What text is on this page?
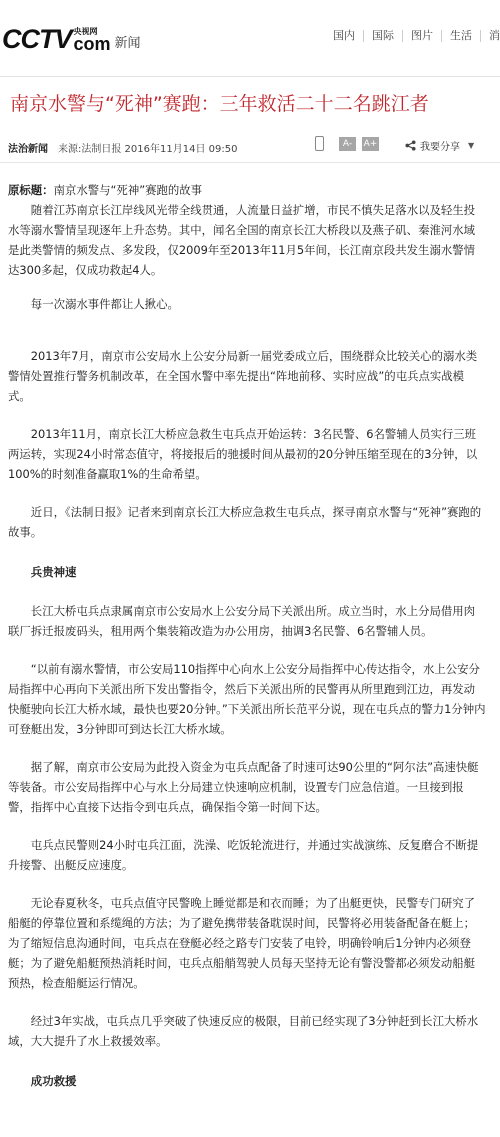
CCTV 央视网
com 新闻
国内	国际	图片	生活	消
南京水警与“死神”赛跑：三年救活二十二名跳江者
法治新闻 来源:法制日报 2016年11月14日 09:50	A-	A+	我要分享 ▼

原标题：南京水警与“死神”赛跑的故事

随着江苏南京长江岸线风光带全线贯通，人流量日益扩增，市民不慎失足落水以及轻生投水等溺水警情呈现逐年上升态势。其中，闻名全国的南京长江大桥段以及燕子矶、秦淮河水域是此类警情的频发点、多发段，仅2009年至2013年11月5年间，长江南京段共发生溺水警情达300多起，仅成功救起4人。

每一次溺水事件都让人揪心。

2013年7月，南京市公安局水上公安分局新一届党委成立后，围绕群众比较关心的溺水类警情处置推行警务机制改革，在全国水警中率先提出“阵地前移、实时应战”的屯兵点实战模式。

2013年11月，南京长江大桥应急救生屯兵点开始运转：3名民警、6名警辅人员实行三班两运转，实现24小时常态值守，将接报后的驰援时间从最初的20分钟压缩至现在的3分钟，以100%的时刻准备赢取1%的生命希望。

近日，《法制日报》记者来到南京长江大桥应急救生屯兵点，探寻南京水警与“死神”赛跑的故事。

兵贵神速

长江大桥屯兵点隶属南京市公安局水上公安分局下关派出所。成立当时，水上分局借用肉联厂拆迁报废码头，租用两个集装箱改造为办公用房，抽调3名民警、6名警辅人员。

“以前有溺水警情，市公安局110指挥中心向水上公安分局指挥中心传达指令，水上公安分局指挥中心再向下关派出所下发出警指令，然后下关派出所的民警再从所里跑到江边，再发动快艇驶向长江大桥水域，最快也要20分钟。”下关派出所长范平分说，现在屯兵点的警力1分钟内可登艇出发，3分钟即可到达长江大桥水域。

据了解，南京市公安局为此投入资金为屯兵点配备了时速可达90公里的“阿尔法”高速快艇等装备。市公安局指挥中心与水上分局建立快速响应机制，设置专门应急信道。一旦接到报警，指挥中心直接下达指令到屯兵点，确保指令第一时间下达。

屯兵点民警则24小时屯兵江面，洗澡、吃饭轮流进行，并通过实战演练、反复磨合不断提升接警、出艇反应速度。

无论春夏秋冬，屯兵点值守民警晚上睡觉都是和衣而睡；为了出艇更快，民警专门研究了船艇的停靠位置和系缆绳的方法；为了避免携带装备耽误时间，民警将必用装备配备在艇上；为了缩短信息沟通时间，屯兵点在登艇必经之路专门安装了电铃，明确铃响后1分钟内必须登艇；为了避免船艇预热消耗时间，屯兵点船艄驾驶人员每天坚持无论有警没警都必须发动船艇预热，检查船艇运行情况。

经过3年实战，屯兵点几乎突破了快速反应的极限，目前已经实现了3分钟赶到长江大桥水域，大大提升了水上救援效率。

成功救援
